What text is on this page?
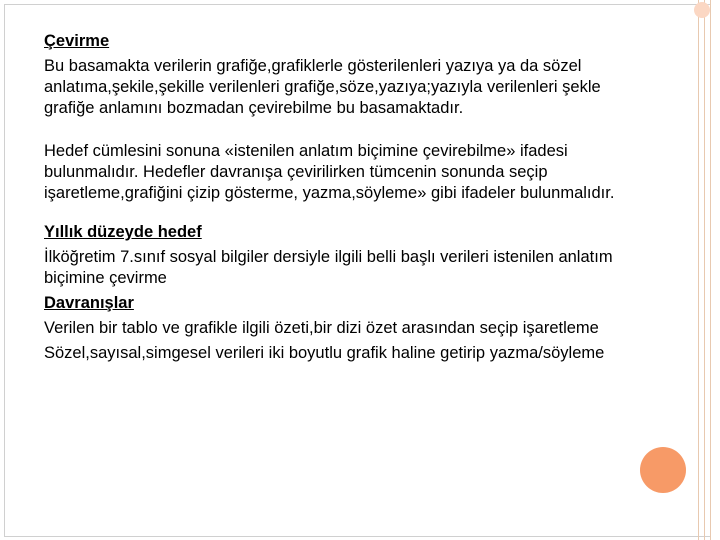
Çevirme
Bu basamakta verilerin grafiğe,grafiklerle gösterilenleri yazıya ya da sözel anlatıma,şekile,şekille verilenleri grafiğe,söze,yazıya;yazıyla verilenleri şekle grafiğe anlamını bozmadan çevirebilme bu basamaktadır.
Hedef cümlesini sonuna «istenilen anlatım biçimine çevirebilme» ifadesi bulunmalıdır. Hedefler davranışa çevirilirken tümcenin sonunda seçip işaretleme,grafiğini çizip gösterme, yazma,söyleme» gibi ifadeler bulunmalıdır.
Yıllık düzeyde hedef
İlköğretim 7.sınıf sosyal bilgiler dersiyle ilgili belli başlı verileri istenilen anlatım biçimine çevirme
Davranışlar
Verilen bir tablo ve grafikle ilgili özeti,bir dizi özet arasından seçip işaretleme
Sözel,sayısal,simgesel verileri iki boyutlu grafik haline getirip yazma/söyleme
